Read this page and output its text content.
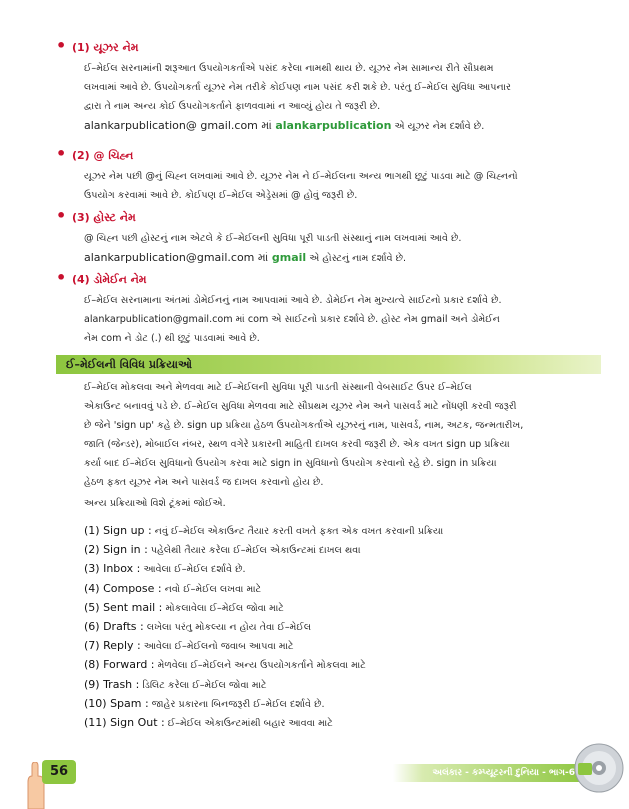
• (1) યૂઝર નેમ

ઈ–મેઈલ સરનામાંની શરૂઆત ઉપયોગકર્તાએ પસંદ કરેલા નામથી થાય છે. યૂઝર નેમ સામાન્ય રીતે સૌપ્રથમ

લખવામાં આવે છે. ઉપયોગકર્તા યૂઝર નેમ તરીકે કોઈપણ નામ પસંદ કરી શકે છે. પરંતુ ઈ–મેઈલ સુવિધા આપનાર

દ્વારા તે નામ અન્ય કોઈ ઉપયોગકર્તાને ફાળવવામાં ન આવ્યું હોય તે જરૂરી છે.

alankarpublication@ gmail.com માં alankarpublication એ યૂઝર નેમ દર્શાવે છે.

• (2) @ ચિહ્ન

યૂઝર નેમ પછી @નું ચિહ્ન લખવામાં આવે છે. યૂઝર નેમ ને ઈ–મેઈલના અન્ય ભાગથી છૂટું પાડવા માટે @ ચિહ્નનો

ઉપયોગ કરવામાં આવે છે. કોઈપણ ઈ–મેઈલ એડ્રેસમાં @ હોવું જરૂરી છે.

• (3) હોસ્ટ નેમ

@ ચિહ્ન પછી હોસ્ટનું નામ એટલે કે ઈ–મેઈલની સુવિધા પૂરી પાડતી સંસ્થાનું નામ લખવામાં આવે છે.

alankarpublication@gmail.com માં gmail એ હોસ્ટનું નામ દર્શાવે છે.

• (4) ડોમેઈન નેમ

ઈ–મેઈલ સરનામાના અંતમાં ડોમેઈનનું નામ આપવામાં આવે છે. ડોમેઈન નેમ મુખ્યત્વે સાઈટનો પ્રકાર દર્શાવે છે.

alankarpublication@gmail.com માં com એ સાઈટનો પ્રકાર દર્શાવે છે. હોસ્ટ નેમ gmail અને ડોમેઈન

નેમ com ને ડોટ (.) થી છૂટું પાડવામાં આવે છે.

ઈ–મેઈલની વિવિધ પ્રક્રિયાઓ

ઈ–મેઈલ મોકલવા અને મેળવવા માટે ઈ–મેઈલની સુવિધા પૂરી પાડતી સંસ્થાની વેબસાઈટ ઉપર ઈ–મેઈલ

એકાઉન્ટ બનાવવું પડે છે. ઈ–મેઈલ સુવિધા મેળવવા માટે સૌપ્રથમ યૂઝર નેમ અને પાસવર્ડ માટે નોંધણી કરવી જરૂરી

છે જેને 'sign up' કહે છે. sign up પ્રક્રિયા હેઠળ ઉપયોગકર્તાએ યૂઝરનું નામ, પાસવર્ડ, નામ, અટક, જન્મતારીખ,

જાતિ (જેન્ડર), મોબાઈલ નંબર, સ્થળ વગેરે પ્રકારની માહિતી દાખલ કરવી જરૂરી છે. એક વખત sign up પ્રક્રિયા

કર્યા બાદ ઈ–મેઈલ સુવિધાનો ઉપયોગ કરવા માટે sign in સુવિધાનો ઉપયોગ કરવાનો રહે છે. sign in પ્રક્રિયા

હેઠળ ફક્ત યૂઝર નેમ અને પાસવર્ડ જ દાખલ કરવાનો હોય છે.

અન્ય પ્રક્રિયાઓ વિશે ટૂંકમાં જોઈએ.
(1) Sign up : નવું ઈ–મેઈલ એકાઉન્ટ તૈયાર કરતી વખતે ફક્ત એક વખત કરવાની પ્રક્રિયા
(2) Sign in : પહેલેથી તૈયાર કરેલા ઈ–મેઈલ એકાઉન્ટમાં દાખલ થવા
(3) Inbox : આવેલા ઈ–મેઈલ દર્શાવે છે.
(4) Compose : નવો ઈ–મેઈલ લખવા માટે
(5) Sent mail : મોકલાવેલા ઈ–મેઈલ જોવા માટે
(6) Drafts : લખેલા પરંતુ મોકલ્યા ન હોય તેવા ઈ–મેઈલ
(7) Reply : આવેલા ઈ–મેઈલનો જવાબ આપવા માટે
(8) Forward : મેળવેલા ઈ–મેઈલને અન્ય ઉપયોગકર્તાને મોકલવા માટે
(9) Trash : ડિલિટ કરેલા ઈ–મેઈલ જોવા માટે
(10) Spam : જાહેર પ્રકારના બિનજરૂરી ઈ–મેઈલ દર્શાવે છે.
(11) Sign Out : ઈ–મેઈલ એકાઉન્ટમાંથી બહાર આવવા માટે
56	અલંકાર - કમ્પ્યૂટરની દુનિયા - ભાગ-6
